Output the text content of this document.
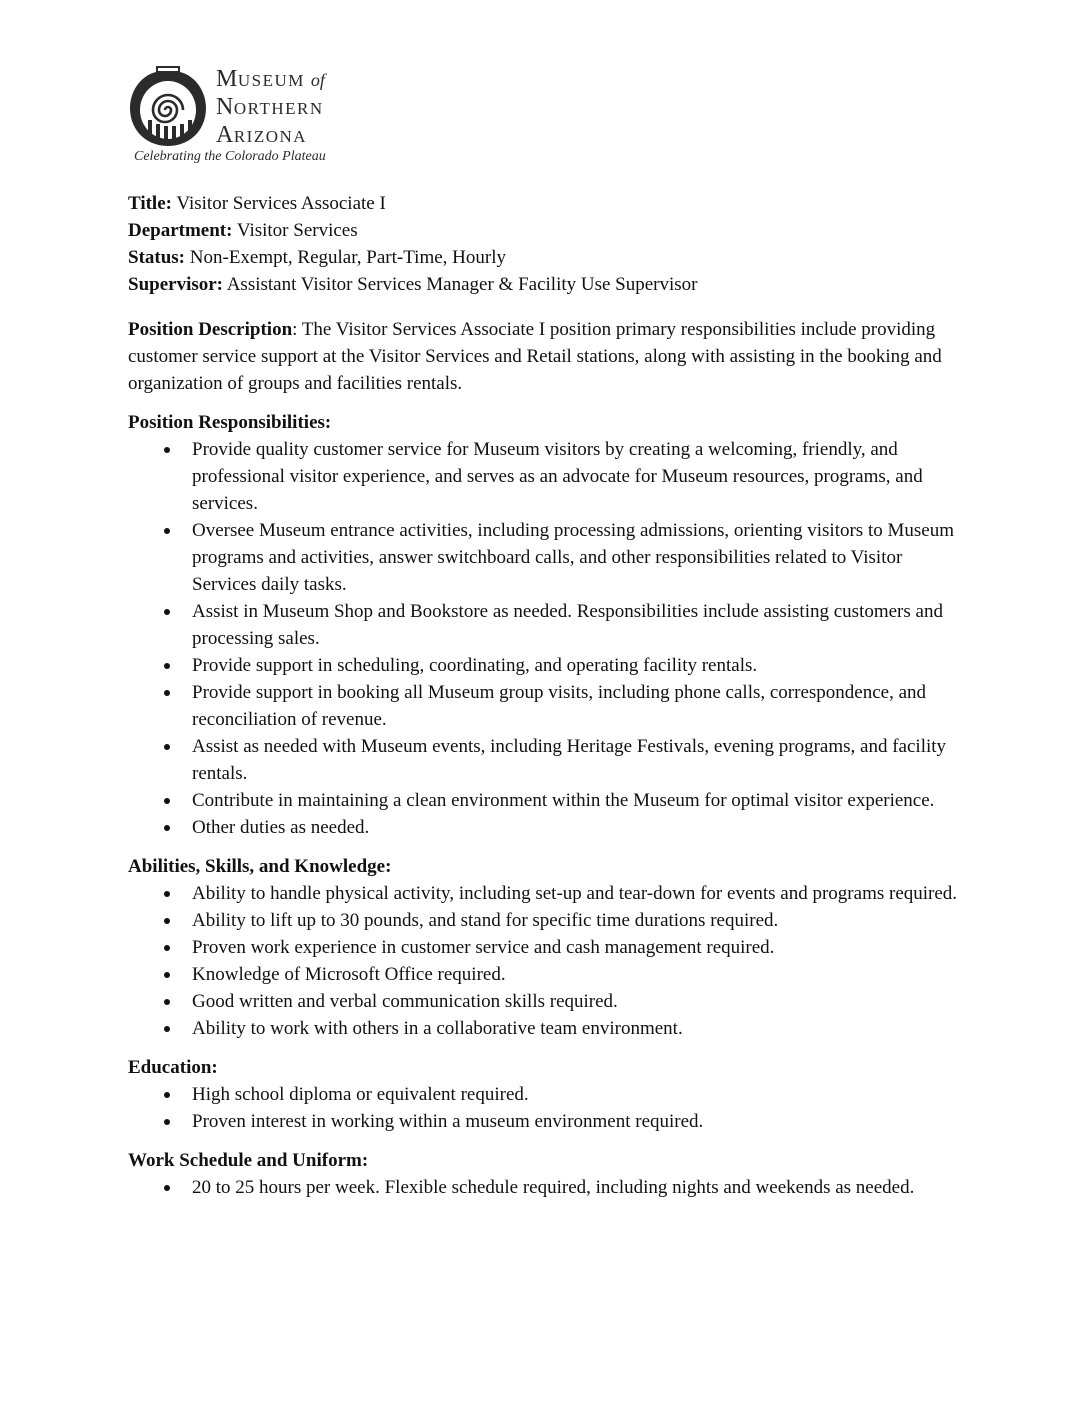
MUSEUM of
NORTHERN
ARIZONA
Celebrating the Colorado Plateau

Title: Visitor Services Associate I

Department: Visitor Services

Status: Non-Exempt, Regular, Part-Time, Hourly

Supervisor: Assistant Visitor Services Manager & Facility Use Supervisor

Position Description: The Visitor Services Associate I position primary responsibilities include providing customer service support at the Visitor Services and Retail stations, along with assisting in the booking and organization of groups and facilities rentals.

Position Responsibilities:

Provide quality customer service for Museum visitors by creating a welcoming, friendly, and professional visitor experience, and serves as an advocate for Museum resources, programs, and services.
Oversee Museum entrance activities, including processing admissions, orienting visitors to Museum programs and activities, answer switchboard calls, and other responsibilities related to Visitor Services daily tasks.
Assist in Museum Shop and Bookstore as needed. Responsibilities include assisting customers and processing sales.
Provide support in scheduling, coordinating, and operating facility rentals.
Provide support in booking all Museum group visits, including phone calls, correspondence, and reconciliation of revenue.
Assist as needed with Museum events, including Heritage Festivals, evening programs, and facility rentals.
Contribute in maintaining a clean environment within the Museum for optimal visitor experience.
Other duties as needed.

Abilities, Skills, and Knowledge:

Ability to handle physical activity, including set-up and tear-down for events and programs required.
Ability to lift up to 30 pounds, and stand for specific time durations required.
Proven work experience in customer service and cash management required.
Knowledge of Microsoft Office required.
Good written and verbal communication skills required.
Ability to work with others in a collaborative team environment.

Education:

High school diploma or equivalent required.
Proven interest in working within a museum environment required.

Work Schedule and Uniform:

20 to 25 hours per week. Flexible schedule required, including nights and weekends as needed.
